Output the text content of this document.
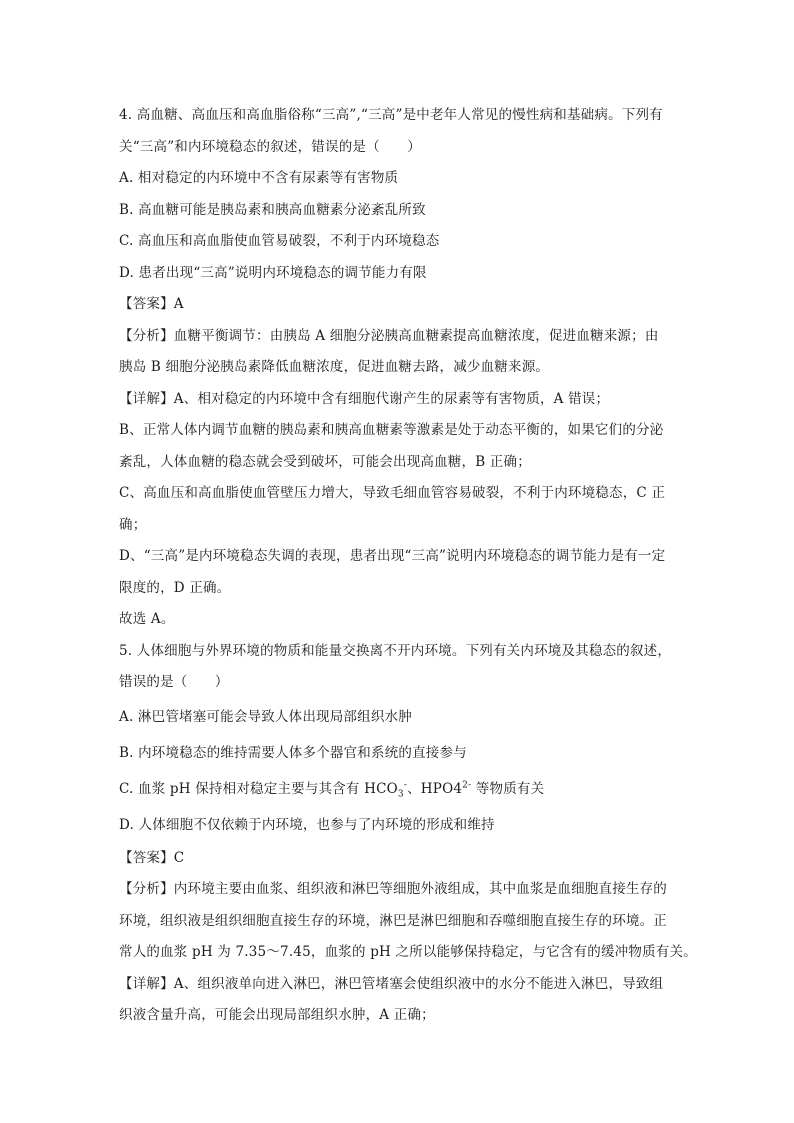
4. 高血糖、高血压和高血脂俗称“三高”,“三高”是中老年人常见的慢性病和基础病。下列有
关“三高”和内环境稳态的叙述，错误的是（　　）
A. 相对稳定的内环境中不含有尿素等有害物质
B. 高血糖可能是胰岛素和胰高血糖素分泌紊乱所致
C. 高血压和高血脂使血管易破裂，不利于内环境稳态
D. 患者出现“三高”说明内环境稳态的调节能力有限
【答案】A
【分析】血糖平衡调节：由胰岛 A 细胞分泌胰高血糖素提高血糖浓度，促进血糖来源；由
胰岛 B 细胞分泌胰岛素降低血糖浓度，促进血糖去路，减少血糖来源。
【详解】A、相对稳定的内环境中含有细胞代谢产生的尿素等有害物质，A 错误；
B、正常人体内调节血糖的胰岛素和胰高血糖素等激素是处于动态平衡的，如果它们的分泌
紊乱，人体血糖的稳态就会受到破坏，可能会出现高血糖，B 正确；
C、高血压和高血脂使血管壁压力增大，导致毛细血管容易破裂，不利于内环境稳态，C 正
确；
D、“三高”是内环境稳态失调的表现，患者出现“三高”说明内环境稳态的调节能力是有一定
限度的，D 正确。
故选 A。
5. 人体细胞与外界环境的物质和能量交换离不开内环境。下列有关内环境及其稳态的叙述，
错误的是（　　）
A. 淋巴管堵塞可能会导致人体出现局部组织水肿
B. 内环境稳态的维持需要人体多个器官和系统的直接参与
C. 血浆 pH 保持相对稳定主要与其含有 $HCO_3^-$、$HPO4^{2-}$ 等物质有关
D. 人体细胞不仅依赖于内环境，也参与了内环境的形成和维持
【答案】C
【分析】内环境主要由血浆、组织液和淋巴等细胞外液组成，其中血浆是血细胞直接生存的
环境，组织液是组织细胞直接生存的环境，淋巴是淋巴细胞和吞噬细胞直接生存的环境。正
常人的血浆 pH 为 7.35～7.45，血浆的 pH 之所以能够保持稳定，与它含有的缓冲物质有关。
【详解】A、组织液单向进入淋巴，淋巴管堵塞会使组织液中的水分不能进入淋巴，导致组
织液含量升高，可能会出现局部组织水肿，A 正确；
